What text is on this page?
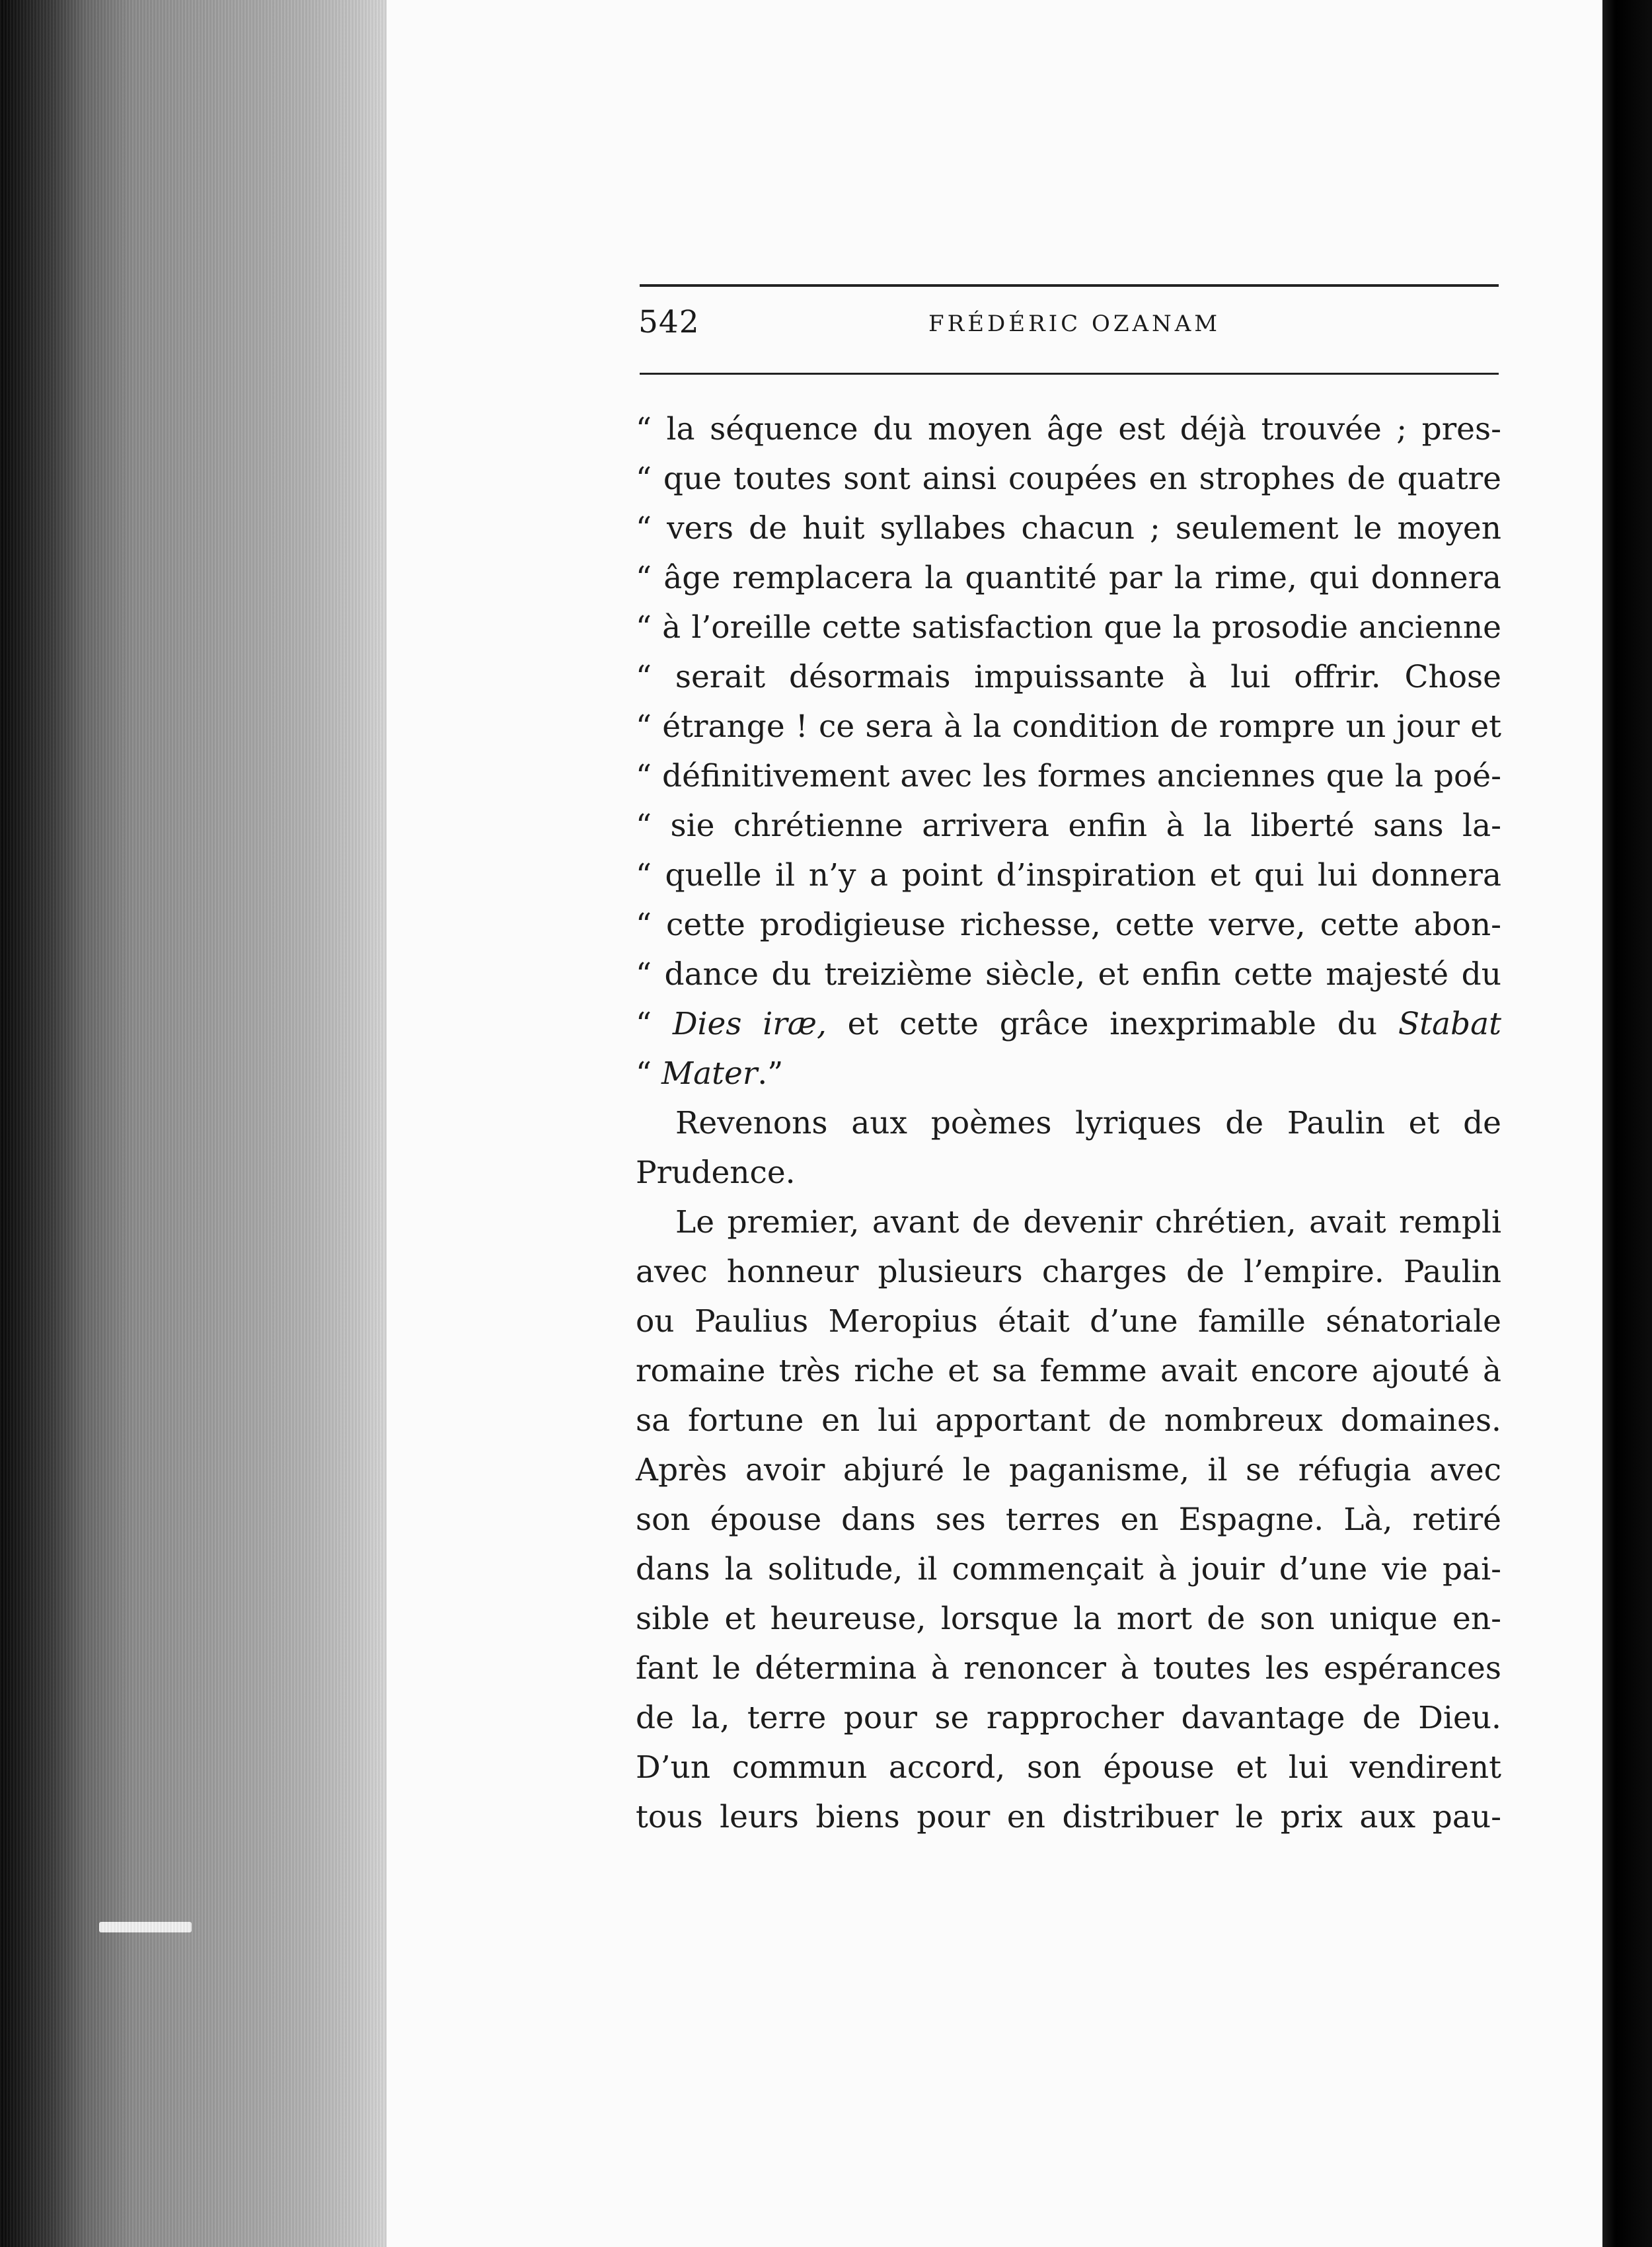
542	FRÉDÉRIC OZANAM
“ la séquence du moyen âge est déjà trouvée ; pres-
“ que toutes sont ainsi coupées en strophes de quatre
“ vers de huit syllabes chacun ; seulement le moyen
“ âge remplacera la quantité par la rime, qui donnera
“ à l’oreille cette satisfaction que la prosodie ancienne
“ serait désormais impuissante à lui offrir. Chose
“ étrange ! ce sera à la condition de rompre un jour et
“ définitivement avec les formes anciennes que la poé-
“ sie chrétienne arrivera enfin à la liberté sans la-
“ quelle il n’y a point d’inspiration et qui lui donnera
“ cette prodigieuse richesse, cette verve, cette abon-
“ dance du treizième siècle, et enfin cette majesté du
“ Dies iræ, et cette grâce inexprimable du Stabat
“ Mater.”
Revenons aux poèmes lyriques de Paulin et de
Prudence.
Le premier, avant de devenir chrétien, avait rempli
avec honneur plusieurs charges de l’empire. Paulin
ou Paulius Meropius était d’une famille sénatoriale
romaine très riche et sa femme avait encore ajouté à
sa fortune en lui apportant de nombreux domaines.
Après avoir abjuré le paganisme, il se réfugia avec
son épouse dans ses terres en Espagne. Là, retiré
dans la solitude, il commençait à jouir d’une vie pai-
sible et heureuse, lorsque la mort de son unique en-
fant le détermina à renoncer à toutes les espérances
de la, terre pour se rapprocher davantage de Dieu.
D’un commun accord, son épouse et lui vendirent
tous leurs biens pour en distribuer le prix aux pau-
